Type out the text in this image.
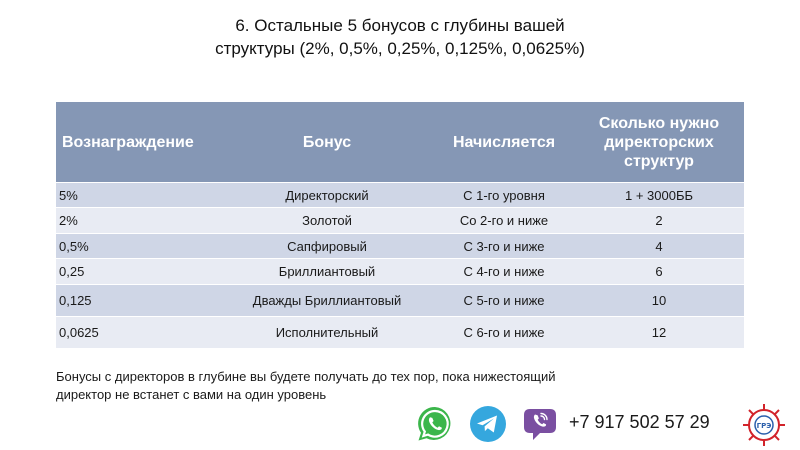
6. Остальные 5 бонусов с глубины вашей
структуры (2%, 0,5%, 0,25%, 0,125%, 0,0625%)
Вознаграждение	Бонус	Начисляется	Сколько нужно директорских структур
5%	Директорский	С 1-го уровня	1 + 3000ББ
2%	Золотой	Со 2-го и ниже	2
0,5%	Сапфировый	С 3-го и ниже	4
0,25	Бриллиантовый	С 4-го и ниже	6
0,125	Дважды Бриллиантовый	С 5-го и ниже	10
0,0625	Исполнительный	С 6-го и ниже	12
Бонусы с директоров в глубине вы будете получать до тех пор, пока нижестоящий
директор не встанет с вами на один уровень
+7 917 502 57 29	ГРЭ
